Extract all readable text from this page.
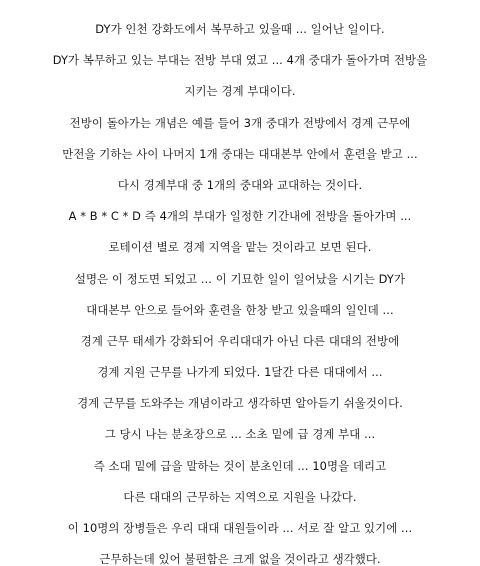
DY가 인천 강화도에서 복무하고 있을때 ... 일어난 일이다.
DY가 복무하고 있는 부대는 전방 부대 였고 ... 4개 중대가 돌아가며 전방을
지키는 경계 부대이다.
전방이 돌아가는 개념은 예를 들어 3개 중대가 전방에서 경계 근무에
만전을 기하는 사이 나머지 1개 중대는 대대본부 안에서 훈련을 받고 ...
다시 경계부대 중 1개의 중대와 교대하는 것이다.
A * B * C * D 즉 4개의 부대가 일정한 기간내에 전방을 돌아가며 ...
로테이션 별로 경계 지역을 맡는 것이라고 보면 된다.
설명은 이 정도면 되었고 ... 이 기묘한 일이 일어났을 시기는 DY가
대대본부 안으로 들어와 훈련을 한창 받고 있을때의 일인데 ...
경계 근무 태세가 강화되어 우리대대가 아닌 다른 대대의 전방에
경계 지원 근무를 나가게 되었다. 1달간 다른 대대에서 ...
경계 근무를 도와주는 개념이라고 생각하면 알아듣기 쉬울것이다.
그 당시 나는 분초장으로 ... 소초 밑에 급 경계 부대 ...
즉 소대 밑에 급을 말하는 것이 분초인데 ... 10명을 데리고
다른 대대의 근무하는 지역으로 지원을 나갔다.
이 10명의 장병들은 우리 대대 대원들이라 ... 서로 잘 알고 있기에 ...
근무하는데 있어 불편함은 크게 없을 것이라고 생각했다.
